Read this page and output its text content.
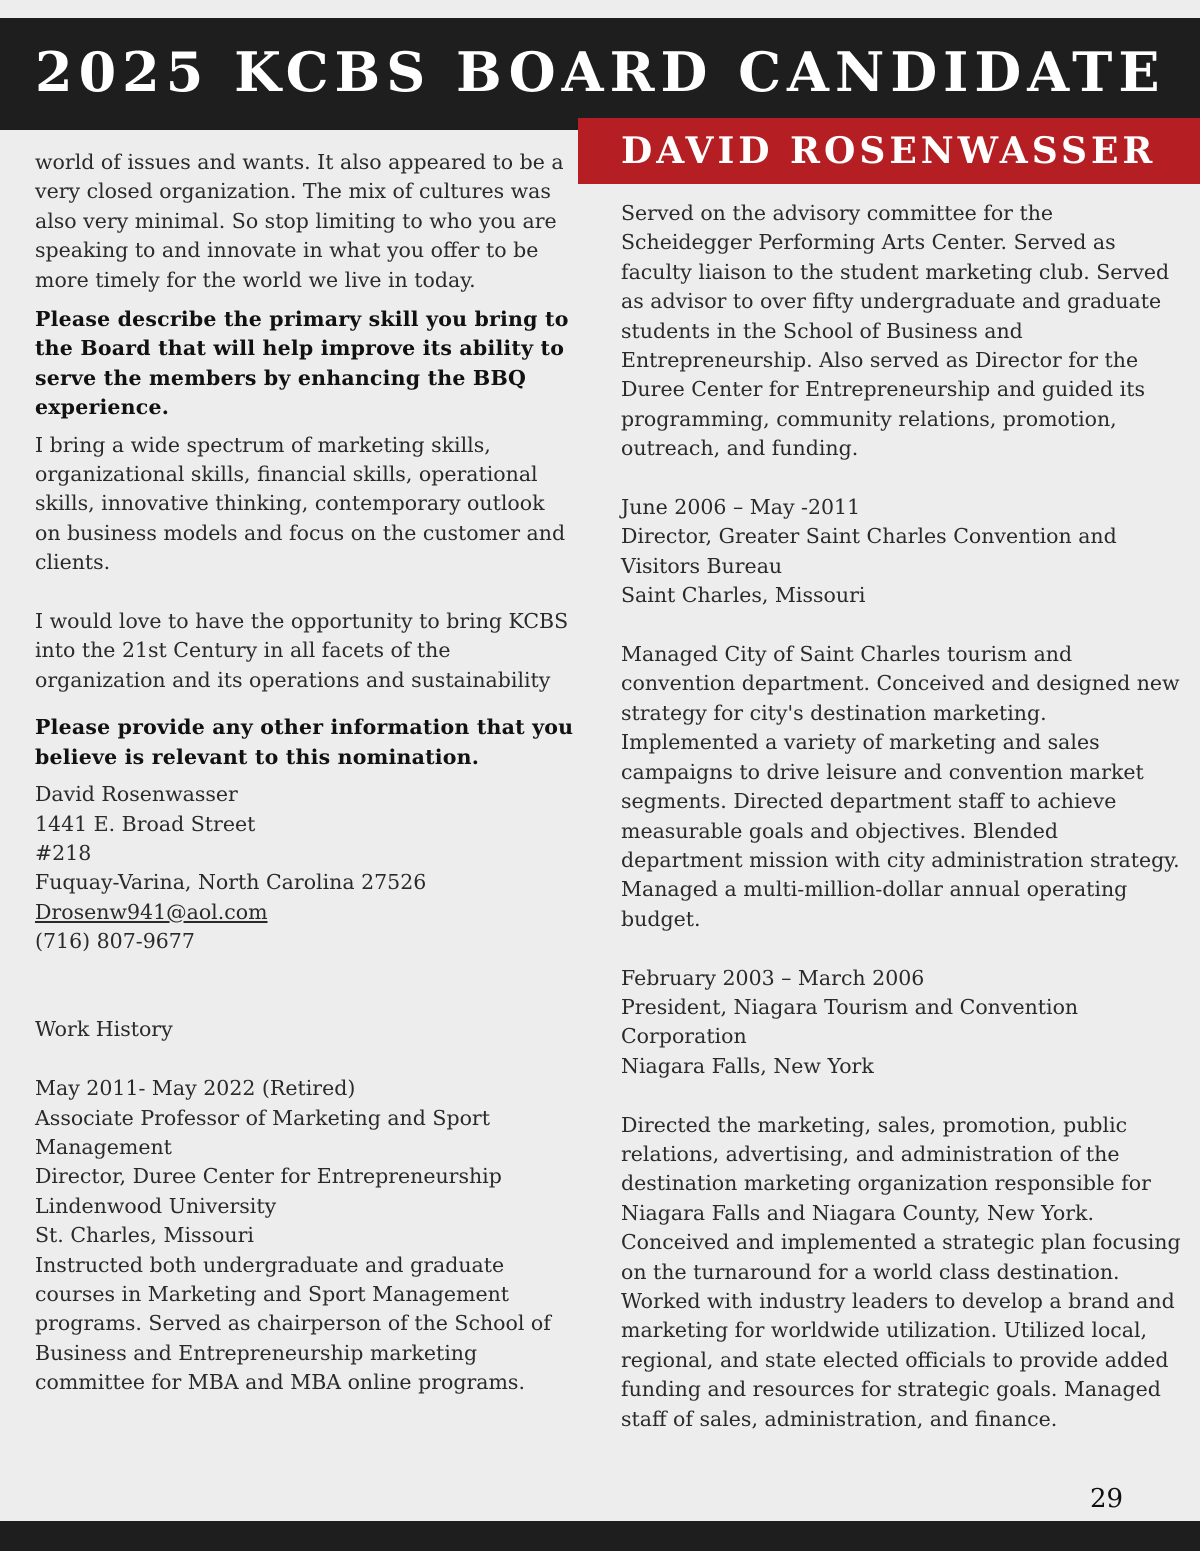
2025 KCBS BOARD CANDIDATE
DAVID ROSENWASSER

world of issues and wants. It also appeared to be a very closed organization. The mix of cultures was also very minimal. So stop limiting to who you are speaking to and innovate in what you offer to be more timely for the world we live in today.

Please describe the primary skill you bring to the Board that will help improve its ability to serve the members by enhancing the BBQ experience.

I bring a wide spectrum of marketing skills, organizational skills, financial skills, operational skills, innovative thinking, contemporary outlook on business models and focus on the customer and clients.

I would love to have the opportunity to bring KCBS into the 21st Century in all facets of the organization and its operations and sustainability

Please provide any other information that you believe is relevant to this nomination.

David Rosenwasser

1441 E. Broad Street

#218

Fuquay-Varina, North Carolina 27526

Drosenw941@aol.com

(716) 807-9677

Work History

May 2011- May 2022 (Retired)

Associate Professor of Marketing and Sport Management

Director, Duree Center for Entrepreneurship

Lindenwood University

St. Charles, Missouri

Instructed both undergraduate and graduate courses in Marketing and Sport Management programs. Served as chairperson of the School of Business and Entrepreneurship marketing committee for MBA and MBA online programs.

Served on the advisory committee for the Scheidegger Performing Arts Center. Served as faculty liaison to the student marketing club. Served as advisor to over fifty undergraduate and graduate students in the School of Business and Entrepreneurship. Also served as Director for the Duree Center for Entrepreneurship and guided its programming, community relations, promotion, outreach, and funding.

June 2006 – May -2011

Director, Greater Saint Charles Convention and Visitors Bureau

Saint Charles, Missouri

Managed City of Saint Charles tourism and convention department. Conceived and designed new strategy for city's destination marketing. Implemented a variety of marketing and sales campaigns to drive leisure and convention market segments. Directed department staff to achieve measurable goals and objectives. Blended department mission with city administration strategy. Managed a multi-million-dollar annual operating budget.

February 2003 – March 2006

President, Niagara Tourism and Convention Corporation

Niagara Falls, New York

Directed the marketing, sales, promotion, public relations, advertising, and administration of the destination marketing organization responsible for Niagara Falls and Niagara County, New York. Conceived and implemented a strategic plan focusing on the turnaround for a world class destination. Worked with industry leaders to develop a brand and marketing for worldwide utilization. Utilized local, regional, and state elected officials to provide added funding and resources for strategic goals. Managed staff of sales, administration, and finance.

29
